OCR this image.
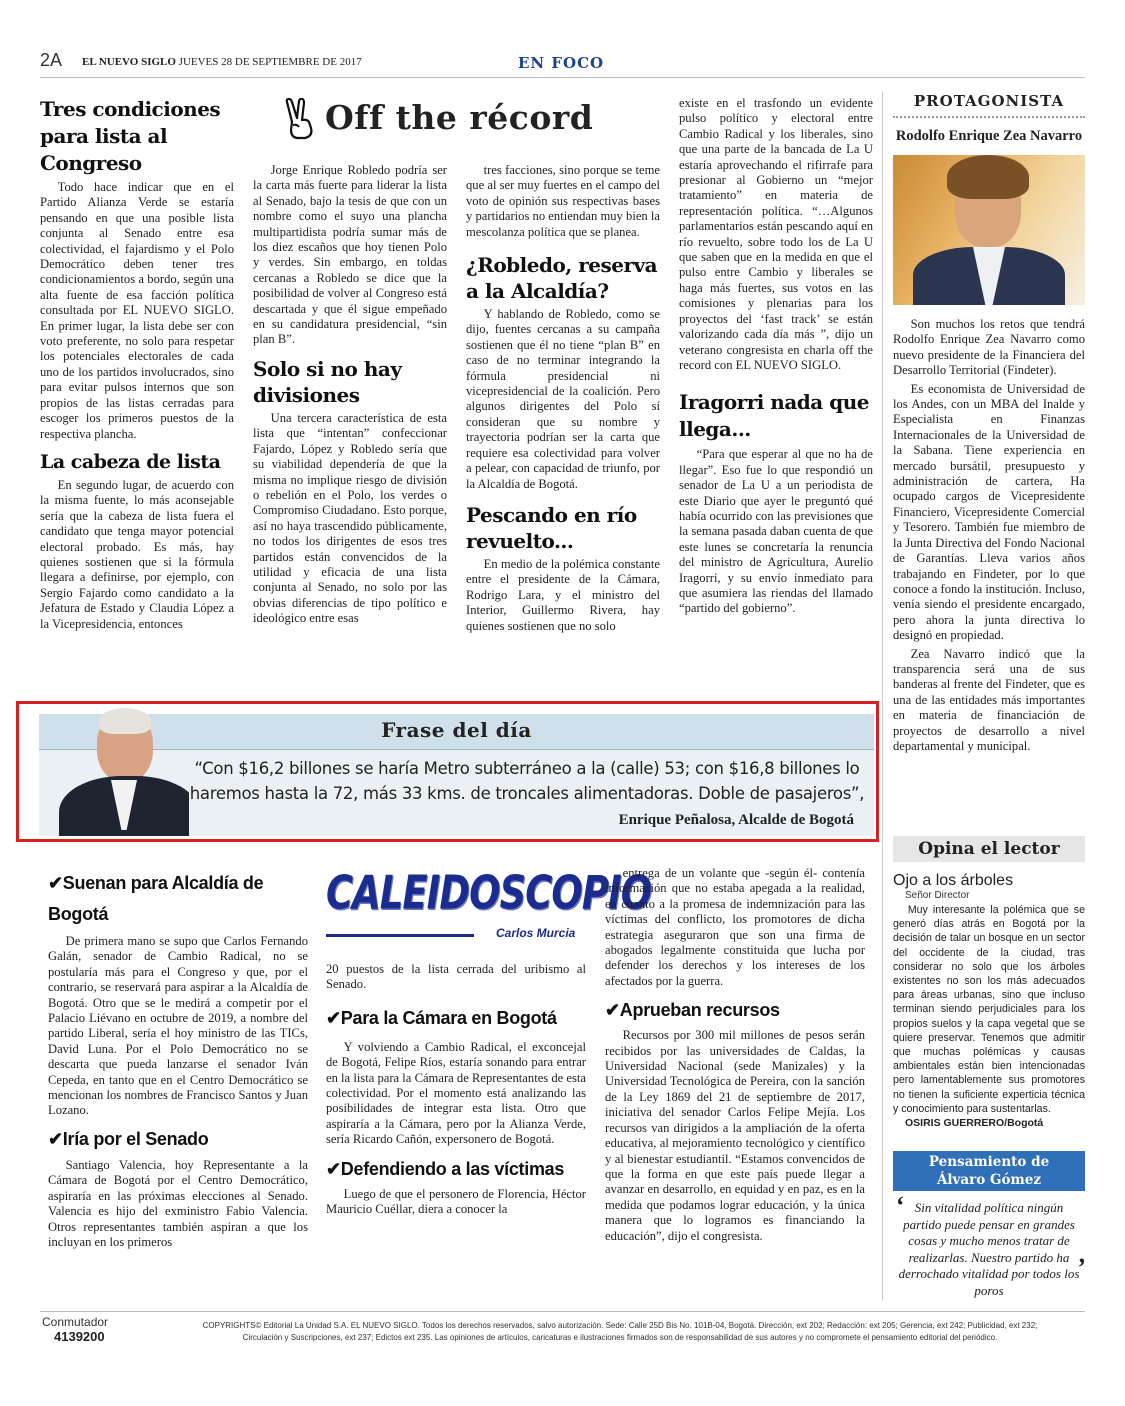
2A EL NUEVO SIGLO JUEVES 28 DE SEPTIEMBRE DE 2017	EN FOCO
Off the récord
Tres condiciones para lista al Congreso

Todo hace indicar que en el Partido Alianza Verde se estaría pensando en que una posible lista conjunta al Senado entre esa colectividad, el fajardismo y el Polo Democrático deben tener tres condicionamientos a bordo, según una alta fuente de esa facción política consultada por EL NUEVO SIGLO. En primer lugar, la lista debe ser con voto preferente, no solo para respetar los potenciales electorales de cada uno de los partidos involucrados, sino para evitar pulsos internos que son propios de las listas cerradas para escoger los primeros puestos de la respectiva plancha.

La cabeza de lista

En segundo lugar, de acuerdo con la misma fuente, lo más aconsejable sería que la cabeza de lista fuera el candidato que tenga mayor potencial electoral probado. Es más, hay quienes sostienen que si la fórmula llegara a definirse, por ejemplo, con Sergio Fajardo como candidato a la Jefatura de Estado y Claudia López a la Vicepresidencia, entonces

Jorge Enrique Robledo podría ser la carta más fuerte para liderar la lista al Senado, bajo la tesis de que con un nombre como el suyo una plancha multipartidista podría sumar más de los diez escaños que hoy tienen Polo y verdes. Sin embargo, en toldas cercanas a Robledo se dice que la posibilidad de volver al Congreso está descartada y que él sigue empeñado en su candidatura presidencial, “sin plan B”.

Solo si no hay divisiones

Una tercera característica de esta lista que “intentan” confeccionar Fajardo, López y Robledo sería que su viabilidad dependería de que la misma no implique riesgo de división o rebelión en el Polo, los verdes o Compromiso Ciudadano. Esto porque, así no haya trascendido públicamente, no todos los dirigentes de esos tres partidos están convencidos de la utilidad y eficacia de una lista conjunta al Senado, no solo por las obvias diferencias de tipo político e ideológico entre esas

tres facciones, sino porque se teme que al ser muy fuertes en el campo del voto de opinión sus respectivas bases y partidarios no entiendan muy bien la mescolanza política que se planea.

¿Robledo, reserva a la Alcaldía?

Y hablando de Robledo, como se dijo, fuentes cercanas a su campaña sostienen que él no tiene “plan B” en caso de no terminar integrando la fórmula presidencial ni vicepresidencial de la coalición. Pero algunos dirigentes del Polo sí consideran que su nombre y trayectoria podrían ser la carta que requiere esa colectividad para volver a pelear, con capacidad de triunfo, por la Alcaldía de Bogotá.

Pescando en río revuelto...

En medio de la polémica constante entre el presidente de la Cámara, Rodrigo Lara, y el ministro del Interior, Guillermo Rivera, hay quienes sostienen que no solo

existe en el trasfondo un evidente pulso político y electoral entre Cambio Radical y los liberales, sino que una parte de la bancada de La U estaría aprovechando el rifirrafe para presionar al Gobierno un “mejor tratamiento” en materia de representación política. “…Algunos parlamentarios están pescando aquí en río revuelto, sobre todo los de La U que saben que en la medida en que el pulso entre Cambio y liberales se haga más fuertes, sus votos en las comisiones y plenarias para los proyectos del ‘fast track’ se están valorizando cada día más ”, dijo un veterano congresista en charla off the record con EL NUEVO SIGLO.

Iragorri nada que llega...

“Para que esperar al que no ha de llegar”. Eso fue lo que respondió un senador de La U a un periodista de este Diario que ayer le preguntó qué había ocurrido con las previsiones que la semana pasada daban cuenta de que este lunes se concretaría la renuncia del ministro de Agricultura, Aurelio Iragorri, y su envío inmediato para que asumiera las riendas del llamado “partido del gobierno”.

PROTAGONISTA
Rodolfo Enrique Zea Navarro

Son muchos los retos que tendrá Rodolfo Enrique Zea Navarro como nuevo presidente de la Financiera del Desarrollo Territorial (Findeter).

Es economista de Universidad de los Andes, con un MBA del Inalde y Especialista en Finanzas Internacionales de la Universidad de la Sabana. Tiene experiencia en mercado bursátil, presupuesto y administración de cartera, Ha ocupado cargos de Vicepresidente Financiero, Vicepresidente Comercial y Tesorero. También fue miembro de la Junta Directiva del Fondo Nacional de Garantías. Lleva varios años trabajando en Findeter, por lo que conoce a fondo la institución. Incluso, venía siendo el presidente encargado, pero ahora la junta directiva lo designó en propiedad.

Zea Navarro indicó que la transparencia será una de sus banderas al frente del Findeter, que es una de las entidades más importantes en materia de financiación de proyectos de desarrollo a nivel departamental y municipal.

Frase del día
“Con $16,2 billones se haría Metro subterráneo a la (calle) 53; con $16,8 billones lo haremos hasta la 72, más 33 kms. de troncales alimentadoras. Doble de pasajeros”,
Enrique Peñalosa, Alcalde de Bogotá
Opina el lector
Ojo a los árboles
Señor Director

Muy interesante la polémica que se generó días atrás en Bogotá por la decisión de talar un bosque en un sector del occidente de la ciudad, tras considerar no solo que los árboles existentes no son los más adecuados para áreas urbanas, sino que incluso terminan siendo perjudiciales para los propios suelos y la capa vegetal que se quiere preservar. Tenemos que admitir que muchas polémicas y causas ambientales están bien intencionadas pero lamentablemente sus promotores no tienen la suficiente experticia técnica y conocimiento para sustentarlas.

OSIRIS GUERRERO/Bogotá
Pensamiento de
Álvaro Gómez
‘ Sin vitalidad política ningún partido puede pensar en grandes cosas y mucho menos tratar de realizarlas. Nuestro partido ha derrochado vitalidad por todos los poros
’
CALEIDOSCOPIO
Carlos Murcia
✔Suenan para Alcaldía de Bogotá

De primera mano se supo que Carlos Fernando Galán, senador de Cambio Radical, no se postularía más para el Congreso y que, por el contrario, se reservará para aspirar a la Alcaldía de Bogotá. Otro que se le medirá a competir por el Palacio Liévano en octubre de 2019, a nombre del partido Liberal, sería el hoy ministro de las TICs, David Luna. Por el Polo Democrático no se descarta que pueda lanzarse el senador Iván Cepeda, en tanto que en el Centro Democrático se mencionan los nombres de Francisco Santos y Juan Lozano.

✔Iría por el Senado

Santiago Valencia, hoy Representante a la Cámara de Bogotá por el Centro Democrático, aspiraría en las próximas elecciones al Senado. Valencia es hijo del exministro Fabio Valencia. Otros representantes también aspiran a que los incluyan en los primeros

20 puestos de la lista cerrada del uribismo al Senado.

✔Para la Cámara en Bogotá

Y volviendo a Cambio Radical, el exconcejal de Bogotá, Felipe Ríos, estaría sonando para entrar en la lista para la Cámara de Representantes de esta colectividad. Por el momento está analizando las posibilidades de integrar esta lista. Otro que aspiraría a la Cámara, pero por la Alianza Verde, sería Ricardo Cañón, expersonero de Bogotá.

✔Defendiendo a las víctimas

Luego de que el personero de Florencia, Héctor Mauricio Cuéllar, diera a conocer la

entrega de un volante que -según él- contenía información que no estaba apegada a la realidad, en cuanto a la promesa de indemnización para las víctimas del conflicto, los promotores de dicha estrategia aseguraron que son una firma de abogados legalmente constituida que lucha por defender los derechos y los intereses de los afectados por la guerra.

✔Aprueban recursos

Recursos por 300 mil millones de pesos serán recibidos por las universidades de Caldas, la Universidad Nacional (sede Manizales) y la Universidad Tecnológica de Pereira, con la sanción de la Ley 1869 del 21 de septiembre de 2017, iniciativa del senador Carlos Felipe Mejía. Los recursos van dirigidos a la ampliación de la oferta educativa, al mejoramiento tecnológico y científico y al bienestar estudiantil. “Estamos convencidos de que la forma en que este país puede llegar a avanzar en desarrollo, en equidad y en paz, es en la medida que podamos lograr educación, y la única manera que lo logramos es financiando la educación”, dijo el congresista.

Conmutador
4139200
COPYRIGHTS© Editorial La Unidad S.A. EL NUEVO SIGLO. Todos los derechos reservados, salvo autorización. Sede: Calle 25D Bis No. 101B-04, Bogotá. Dirección, ext 202; Redacción: ext 205; Gerencia, ext 242; Publicidad, ext 232;
Circulación y Suscripciones, ext 237; Edictos ext 235. Las opiniones de artículos, caricaturas e ilustraciones firmados son de responsabilidad de sus autores y no compromete el pensamiento editorial del periódico.
